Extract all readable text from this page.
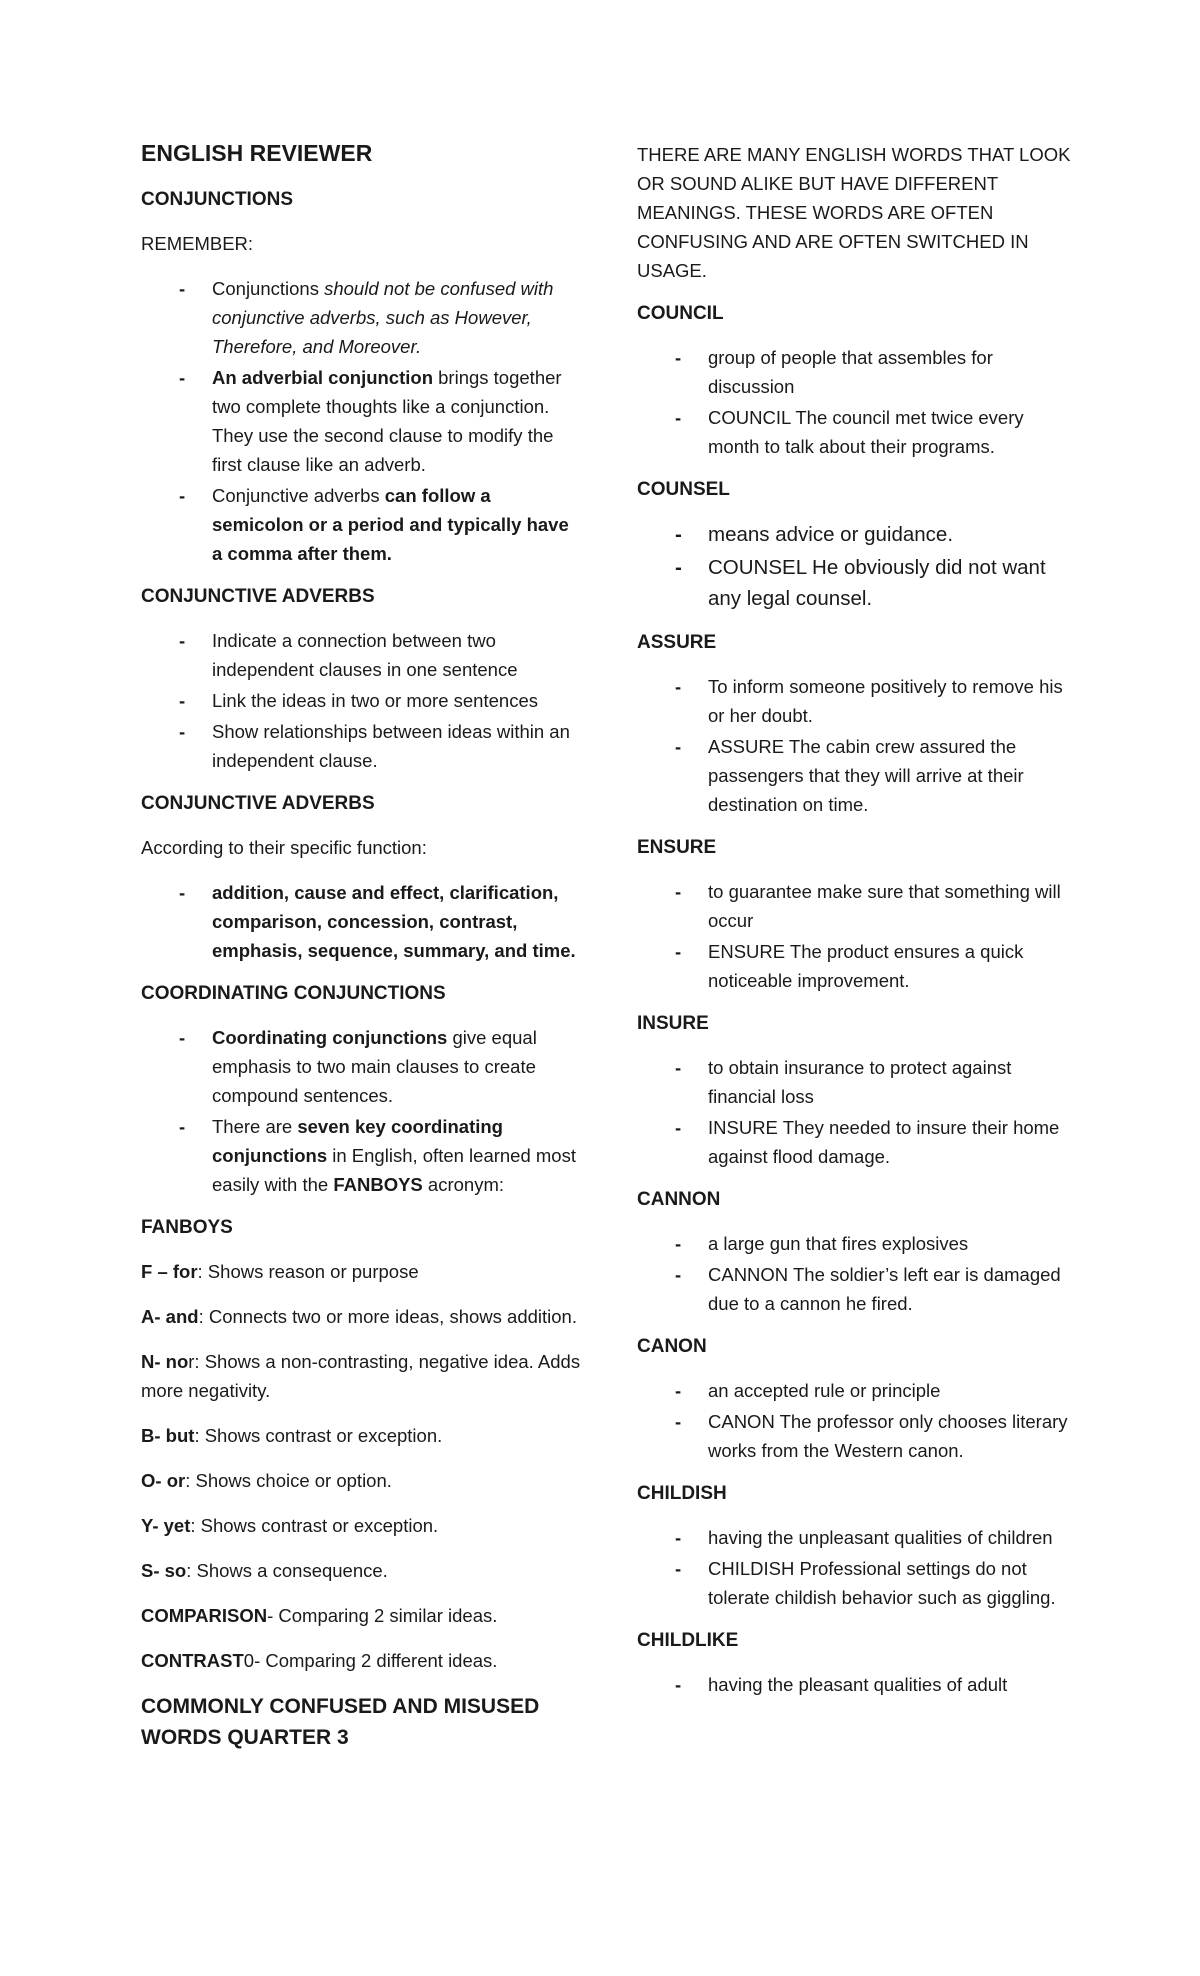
ENGLISH REVIEWER
CONJUNCTIONS

REMEMBER:

- Conjunctions should not be confused with conjunctive adverbs, such as However, Therefore, and Moreover.
- An adverbial conjunction brings together two complete thoughts like a conjunction. They use the second clause to modify the first clause like an adverb.
- Conjunctive adverbs can follow a semicolon or a period and typically have a comma after them.
CONJUNCTIVE ADVERBS
- Indicate a connection between two independent clauses in one sentence
- Link the ideas in two or more sentences
- Show relationships between ideas within an independent clause.
CONJUNCTIVE ADVERBS

According to their specific function:

- addition, cause and effect, clarification, comparison, concession, contrast, emphasis, sequence, summary, and time.
COORDINATING CONJUNCTIONS
- Coordinating conjunctions give equal emphasis to two main clauses to create compound sentences.
- There are seven key coordinating conjunctions in English, often learned most easily with the FANBOYS acronym:
FANBOYS

F – for: Shows reason or purpose

A- and: Connects two or more ideas, shows addition.

N- nor: Shows a non-contrasting, negative idea. Adds more negativity.

B- but: Shows contrast or exception.

O- or: Shows choice or option.

Y- yet: Shows contrast or exception.

S- so: Shows a consequence.

COMPARISON- Comparing 2 similar ideas.

CONTRAST0- Comparing 2 different ideas.

COMMONLY CONFUSED AND MISUSED WORDS QUARTER 3
THERE ARE MANY ENGLISH WORDS THAT LOOK OR SOUND ALIKE BUT HAVE DIFFERENT MEANINGS. THESE WORDS ARE OFTEN CONFUSING AND ARE OFTEN SWITCHED IN USAGE.
COUNCIL
- group of people that assembles for discussion
- COUNCIL The council met twice every month to talk about their programs.
COUNSEL
- means advice or guidance.
- COUNSEL He obviously did not want any legal counsel.
ASSURE
- To inform someone positively to remove his or her doubt.
- ASSURE The cabin crew assured the passengers that they will arrive at their destination on time.
ENSURE
- to guarantee make sure that something will occur
- ENSURE The product ensures a quick noticeable improvement.
INSURE
- to obtain insurance to protect against financial loss
- INSURE They needed to insure their home against flood damage.
CANNON
- a large gun that fires explosives
- CANNON The soldier’s left ear is damaged due to a cannon he fired.
CANON
- an accepted rule or principle
- CANON The professor only chooses literary works from the Western canon.
CHILDISH
- having the unpleasant qualities of children
- CHILDISH Professional settings do not tolerate childish behavior such as giggling.
CHILDLIKE
- having the pleasant qualities of adult
